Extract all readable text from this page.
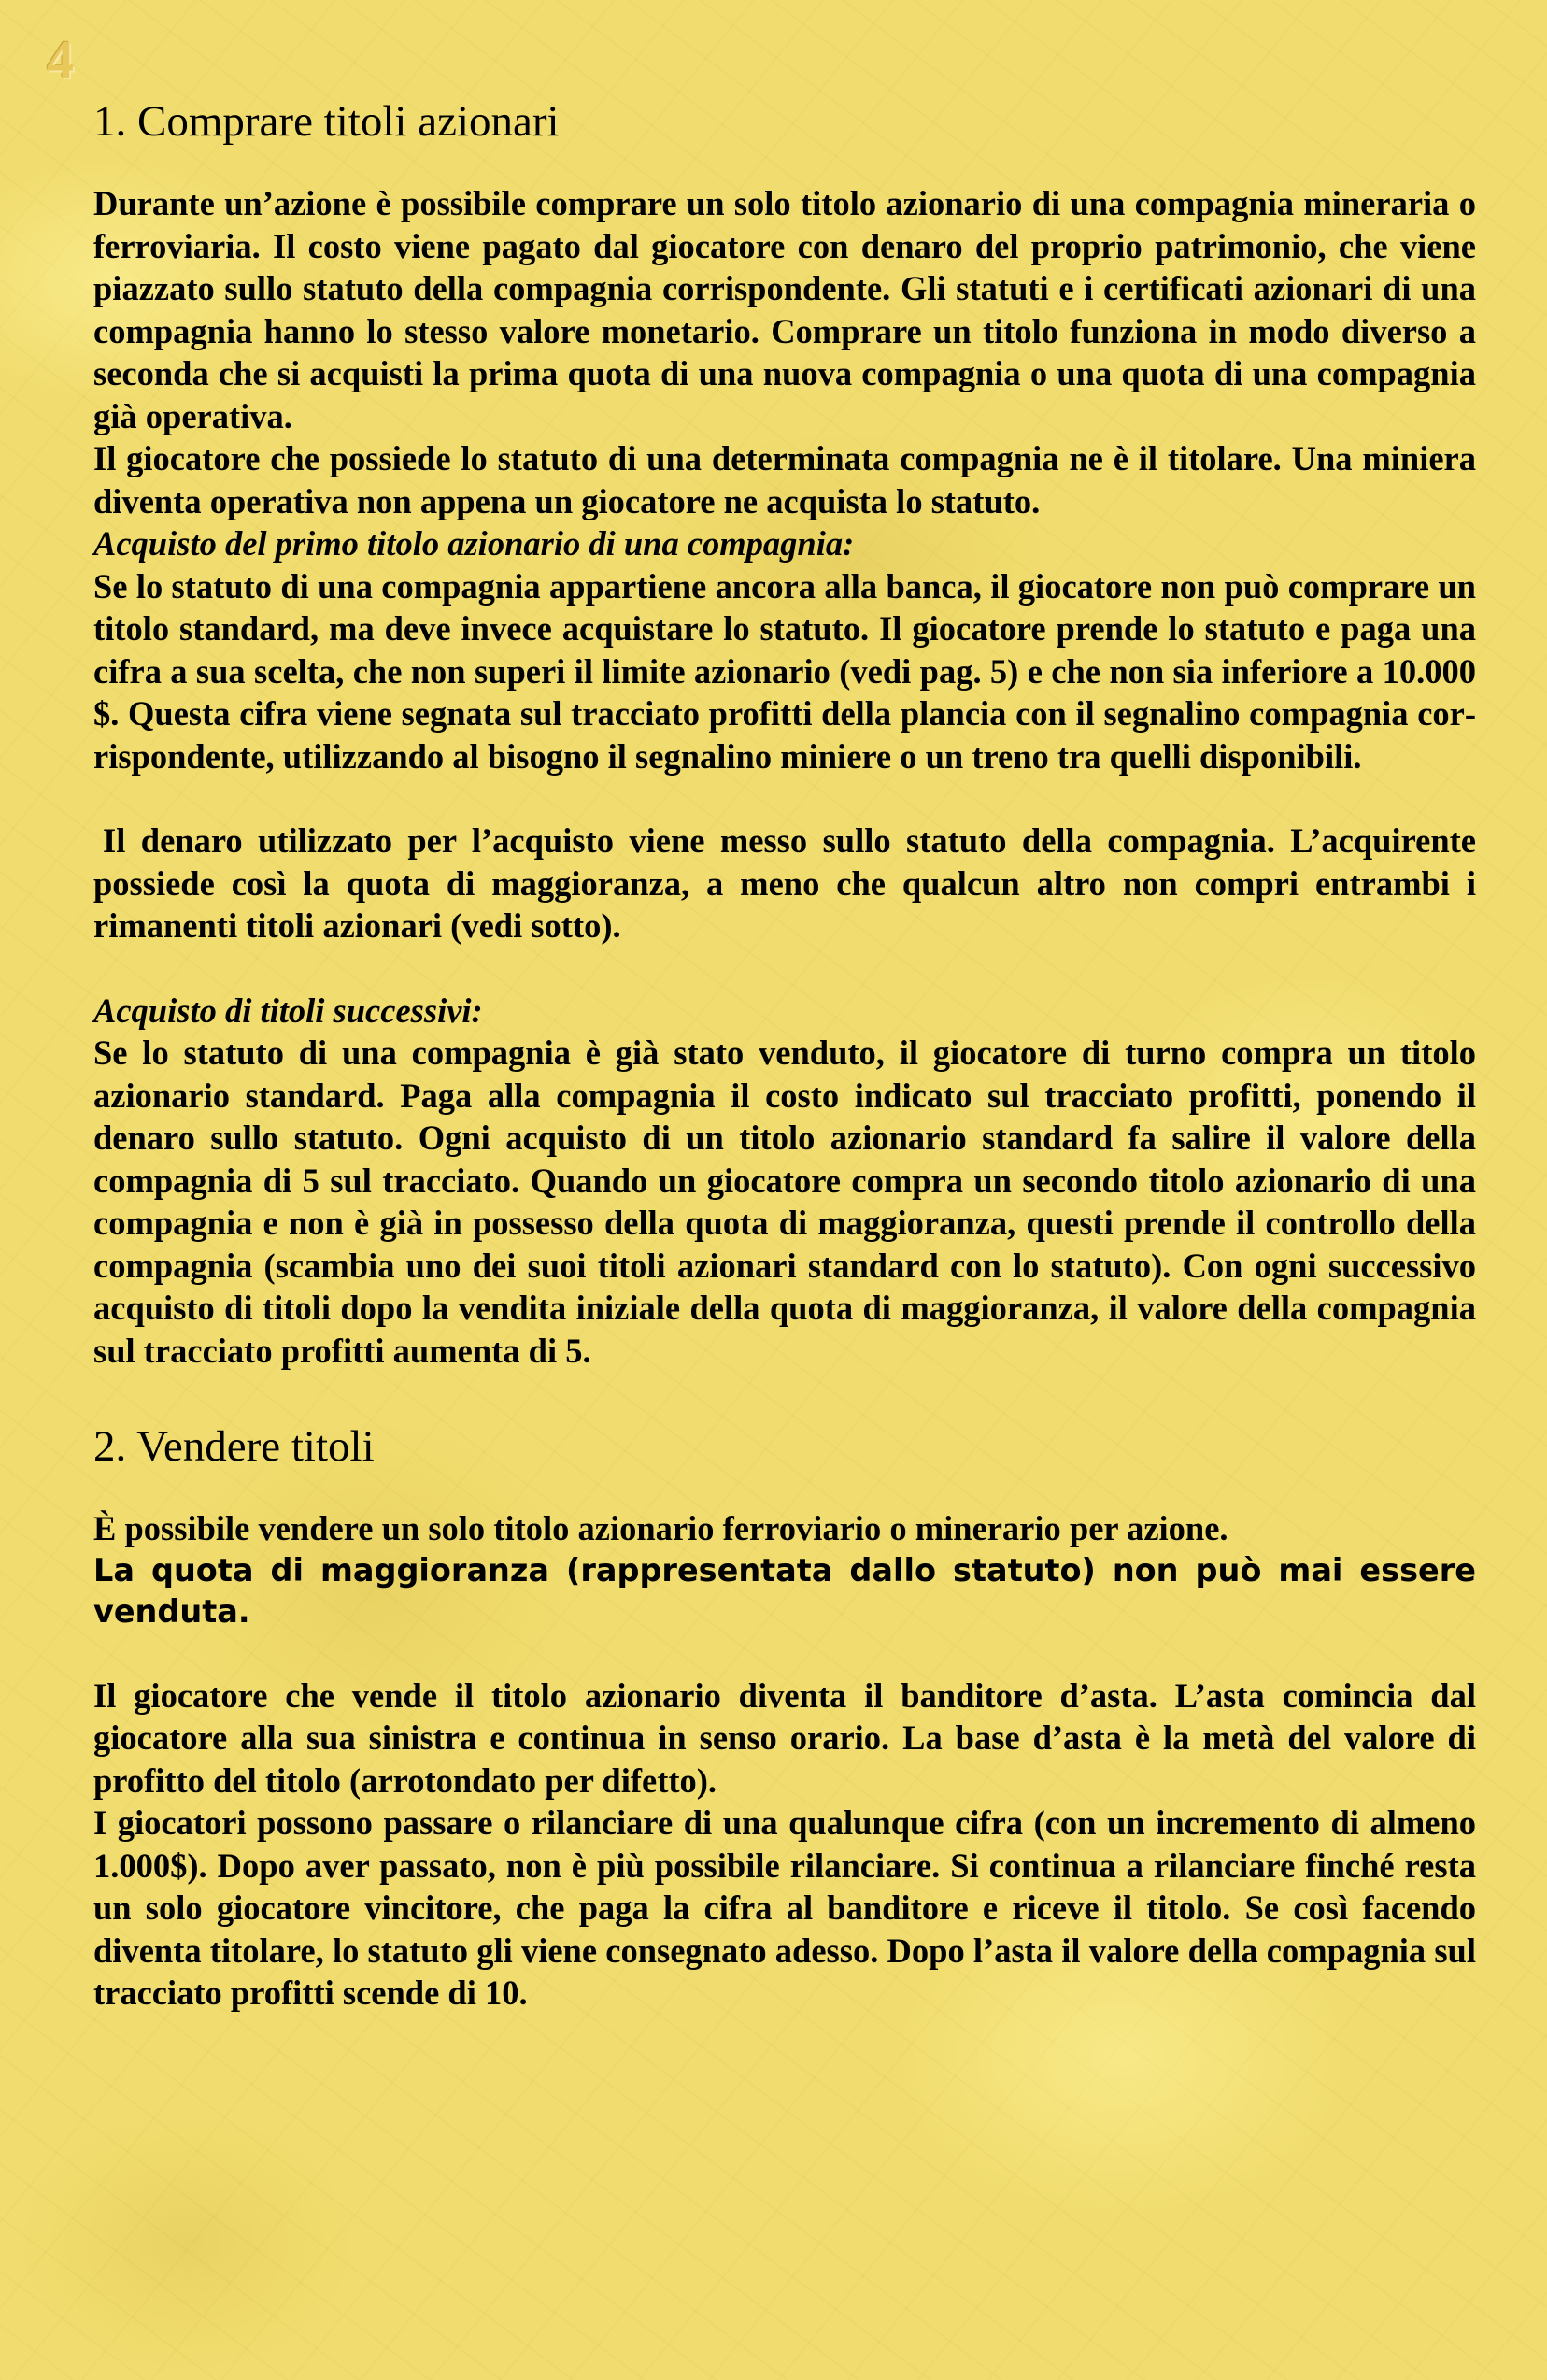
4
1. Comprare titoli azionari

Durante un’azione è possibile comprare un solo titolo azionario di una compagnia mineraria o ferroviaria. Il costo viene pagato dal giocatore con denaro del proprio patrimonio, che viene piazzato sullo statuto della compagnia corrispondente. Gli statuti e i certificati azionari di una compagnia hanno lo stesso valore monetario. Comprare un titolo funziona in modo diverso a seconda che si acquisti la prima quota di una nuova compagnia o una quota di una compagnia già operativa.

Il giocatore che possiede lo statuto di una determinata compagnia ne è il titolare. Una miniera diventa operativa non appena un giocatore ne acquista lo statuto.

Acquisto del primo titolo azionario di una compagnia:

Se lo statuto di una compagnia appartiene ancora alla banca, il giocatore non può comprare un titolo standard, ma deve invece acquistare lo statuto. Il giocatore prende lo statuto e paga una cifra a sua scelta, che non superi il limite azionario (vedi pag. 5) e che non sia inferiore a 10.000 $. Questa cifra viene segnata sul tracciato profitti della plancia con il segnalino compagnia corrispondente, utilizzando al bisogno il segnalino miniere o un treno tra quelli disponibili.

Il denaro utilizzato per l’acquisto viene messo sullo statuto della compagnia. L’acquirente possiede così la quota di maggioranza, a meno che qualcun altro non compri entrambi i rimanenti titoli azionari (vedi sotto).

Acquisto di titoli successivi:

Se lo statuto di una compagnia è già stato venduto, il giocatore di turno compra un titolo azionario standard. Paga alla compagnia il costo indicato sul tracciato profitti, ponendo il denaro sullo statuto. Ogni acquisto di un titolo azionario standard fa salire il valore della compagnia di 5 sul tracciato. Quando un giocatore compra un secondo titolo azionario di una compagnia e non è già in possesso della quota di maggioranza, questi prende il controllo della compagnia (scambia uno dei suoi titoli azionari standard con lo statuto). Con ogni successivo acquisto di titoli dopo la vendita iniziale della quota di maggioranza, il valore della compagnia sul tracciato profitti aumenta di 5.

2. Vendere titoli

È possibile vendere un solo titolo azionario ferroviario o minerario per azione.

La quota di maggioranza (rappresentata dallo statuto) non può mai essere venduta.

Il giocatore che vende il titolo azionario diventa il banditore d’asta. L’asta comincia dal giocatore alla sua sinistra e continua in senso orario. La base d’asta è la metà del valore di profitto del titolo (arrotondato per difetto).

I giocatori possono passare o rilanciare di una qualunque cifra (con un incremento di almeno 1.000$). Dopo aver passato, non è più possibile rilanciare. Si continua a rilanciare finché resta un solo giocatore vincitore, che paga la cifra al banditore e riceve il titolo. Se così facendo diventa titolare, lo statuto gli viene consegnato adesso. Dopo l’asta il valore della compagnia sul tracciato profitti scende di 10.
